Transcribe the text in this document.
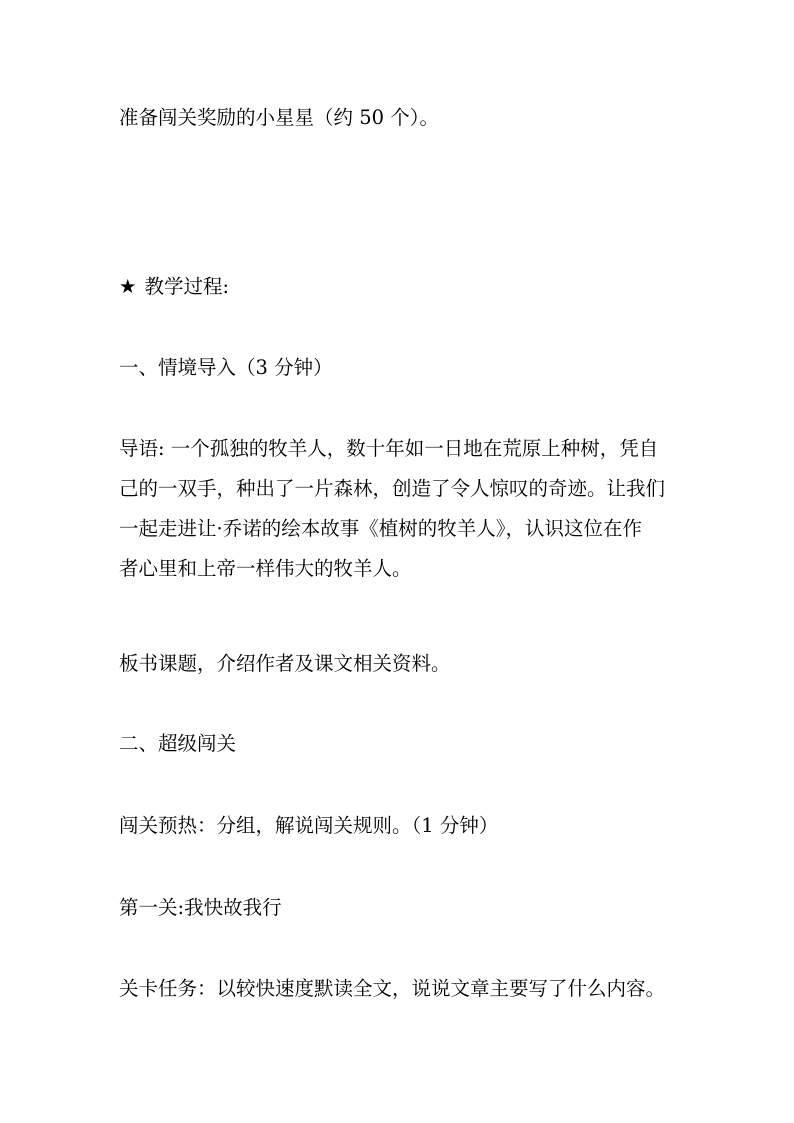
准备闯关奖励的小星星（约 50 个）。
★ 教学过程:
一、情境导入（3 分钟）
导语: 一个孤独的牧羊人，数十年如一日地在荒原上种树，凭自
己的一双手，种出了一片森林，创造了令人惊叹的奇迹。让我们
一起走进让·乔诺的绘本故事《植树的牧羊人》，认识这位在作
者心里和上帝一样伟大的牧羊人。
板书课题，介绍作者及课文相关资料。
二、超级闯关
闯关预热：分组，解说闯关规则。（1 分钟）
第一关:我快故我行
关卡任务：以较快速度默读全文，说说文章主要写了什么内容。
